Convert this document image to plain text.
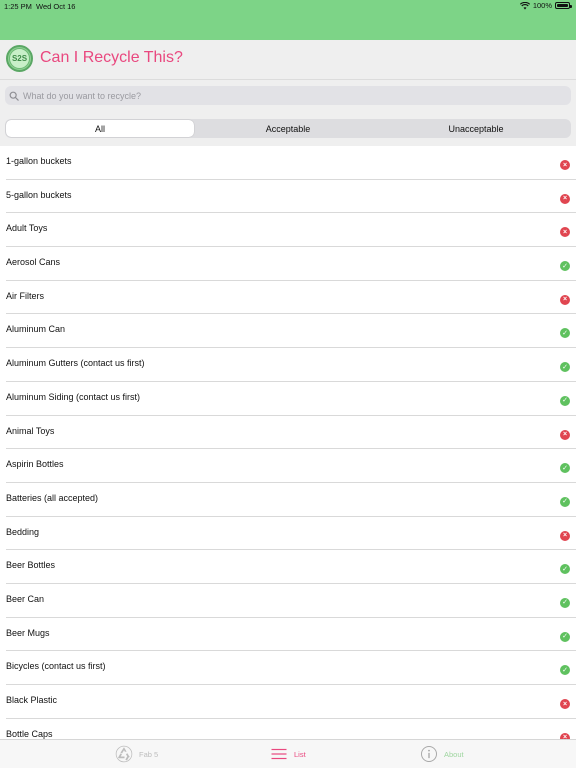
1:25 PM Wed Oct 16	100%
S2S Can I Recycle This?
What do you want to recycle?
All	Acceptable	Unacceptable
1-gallon buckets	×
5-gallon buckets	×
Adult Toys	×
Aerosol Cans	✓
Air Filters	×
Aluminum Can	✓
Aluminum Gutters (contact us first)	✓
Aluminum Siding (contact us first)	✓
Animal Toys	×
Aspirin Bottles	✓
Batteries (all accepted)	✓
Bedding	×
Beer Bottles	✓
Beer Can	✓
Beer Mugs	✓
Bicycles (contact us first)	✓
Black Plastic	×
Bottle Caps	×
Fab 5	List	About
